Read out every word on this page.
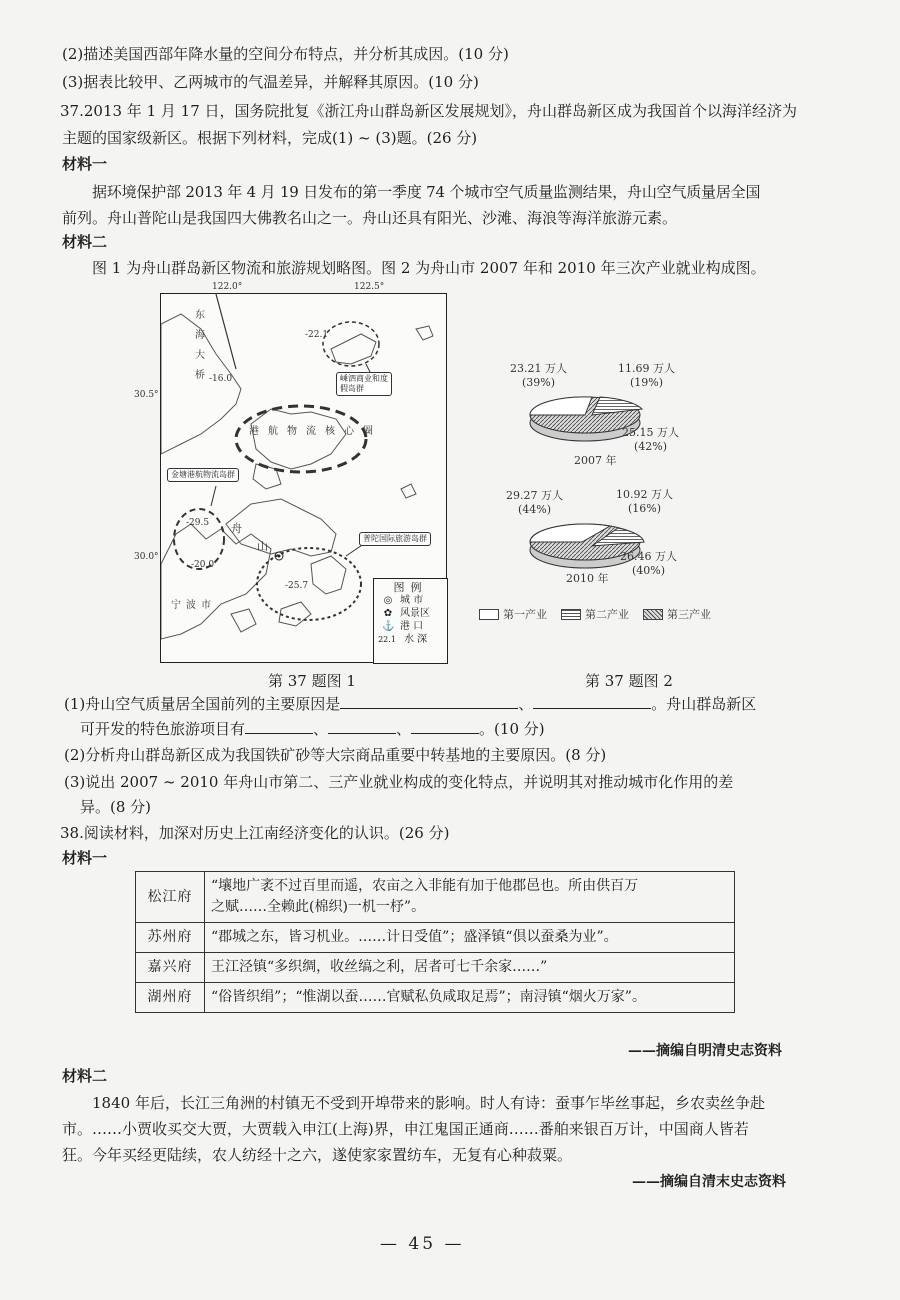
(2)描述美国西部年降水量的空间分布特点，并分析其成因。(10 分)
(3)据表比较甲、乙两城市的气温差异，并解释其原因。(10 分)
37.2013 年 1 月 17 日，国务院批复《浙江舟山群岛新区发展规划》，舟山群岛新区成为我国首个以海洋经济为
主题的国家级新区。根据下列材料，完成(1) ~ (3)题。(26 分)
材料一
据环境保护部 2013 年 4 月 19 日发布的第一季度 74 个城市空气质量监测结果，舟山空气质量居全国
前列。舟山普陀山是我国四大佛教名山之一。舟山还具有阳光、沙滩、海浪等海洋旅游元素。
材料二
图 1 为舟山群岛新区物流和旅游规划略图。图 2 为舟山市 2007 年和 2010 年三次产业就业构成图。
122.0°	122.5°
30.5°
30.0°
东海大桥
-22.1
-16.0
-29.5
-20.0
-25.7
嵊泗商业和度假岛群
港航物流核心圈
金塘港航物流岛群
普陀国际旅游岛群
舟
山
宁波市
图例
◎ 城 市
✿ 风景区
⚓ 港 口
22.1 水 深
23.21 万人
(39%)
11.69 万人
(19%)
25.15 万人
(42%)
2007 年
29.27 万人
(44%)
10.92 万人
(16%)
26.46 万人
(40%)
2010 年
第一产业	第二产业	第三产业
第 37 题图 1	第 37 题图 2
(1)舟山空气质量居全国前列的主要原因是	、	。舟山群岛新区
可开发的特色旅游项目有	、	、	。(10 分)
(2)分析舟山群岛新区成为我国铁矿砂等大宗商品重要中转基地的主要原因。(8 分)
(3)说出 2007 ~ 2010 年舟山市第二、三产业就业构成的变化特点，并说明其对推动城市化作用的差
异。(8 分)
38.阅读材料，加深对历史上江南经济变化的认识。(26 分)
材料一
松江府	“壤地广袤不过百里而遥，农亩之入非能有加于他郡邑也。所由供百万
之赋……全赖此(棉织)一机一杼”。

苏州府	“郡城之东，皆习机业。……计日受值”；盛泽镇“倶以蚕桑为业”。
嘉兴府	王江泾镇“多织绸，收丝缟之利，居者可七千余家……”
湖州府	“俗皆织绢”；“惟湖以蚕……官赋私负咸取足焉”；南浔镇“烟火万家”。
——摘编自明清史志资料
材料二
1840 年后，长江三角洲的村镇无不受到开埠带来的影响。时人有诗：蚕事乍毕丝事起，乡农卖丝争赴
市。……小贾收买交大贾，大贾载入申江(上海)界，申江鬼国正通商……番舶来银百万计，中国商人皆若
狂。今年买经更陆续，农人纺经十之六，遂使家家置纺车，无复有心种菽粟。
——摘编自清末史志资料
— 45 —
